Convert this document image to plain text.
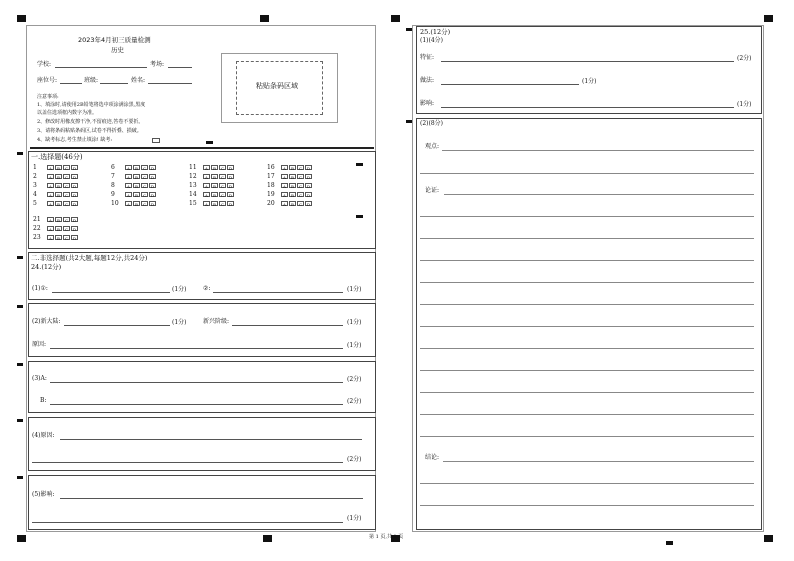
2023年4月初三质量检测
历史
学校:	考场:
座位号:	班级:	姓名:
注意事项:
1、填涂时,请使用2B铅笔将选中项涂满涂黑,黑度
以盖住选项框内数字为准。
2、修改时用橡皮擦干净,不留痕迹,答卷不要折。
3、请将条码粘贴条码区,试卷不得折叠、损破。
4、缺考标志,考生禁止填涂! 缺考:
粘贴条码区域
一.选择题(46分)
1	A B C D
2	A B C D
3	A B C D
4	A B C D
5	A B C D
6	A B C D
7	A B C D
8	A B C D
9	A B C D
10 A B C D
11 A B C D
12 A B C D
13 A B C D
14 A B C D
15 A B C D
16 A B C D
17 A B C D
18 A B C D
19 A B C D
20 A B C D
21 A B C D
22 A B C D
23 A B C D
二.非选择题(共2大题,每题12分,共24分)
24.(12分)
(1)①:	(1分)	②:	(1分)
(2)新大陆:	(1分)	新兴阶级:	(1分)
原因:	(1分)
(3)A:	(2分)
B:	(2分)
(4)原因:
(2分)
(5)影响:
(1分)
25.(12分)
(1)(4分)
特征:	(2分)
做法:	(1分)
影响:	(1分)
(2)(8分)
观点:
论证:
结论:
第 1 页,共 1 页
